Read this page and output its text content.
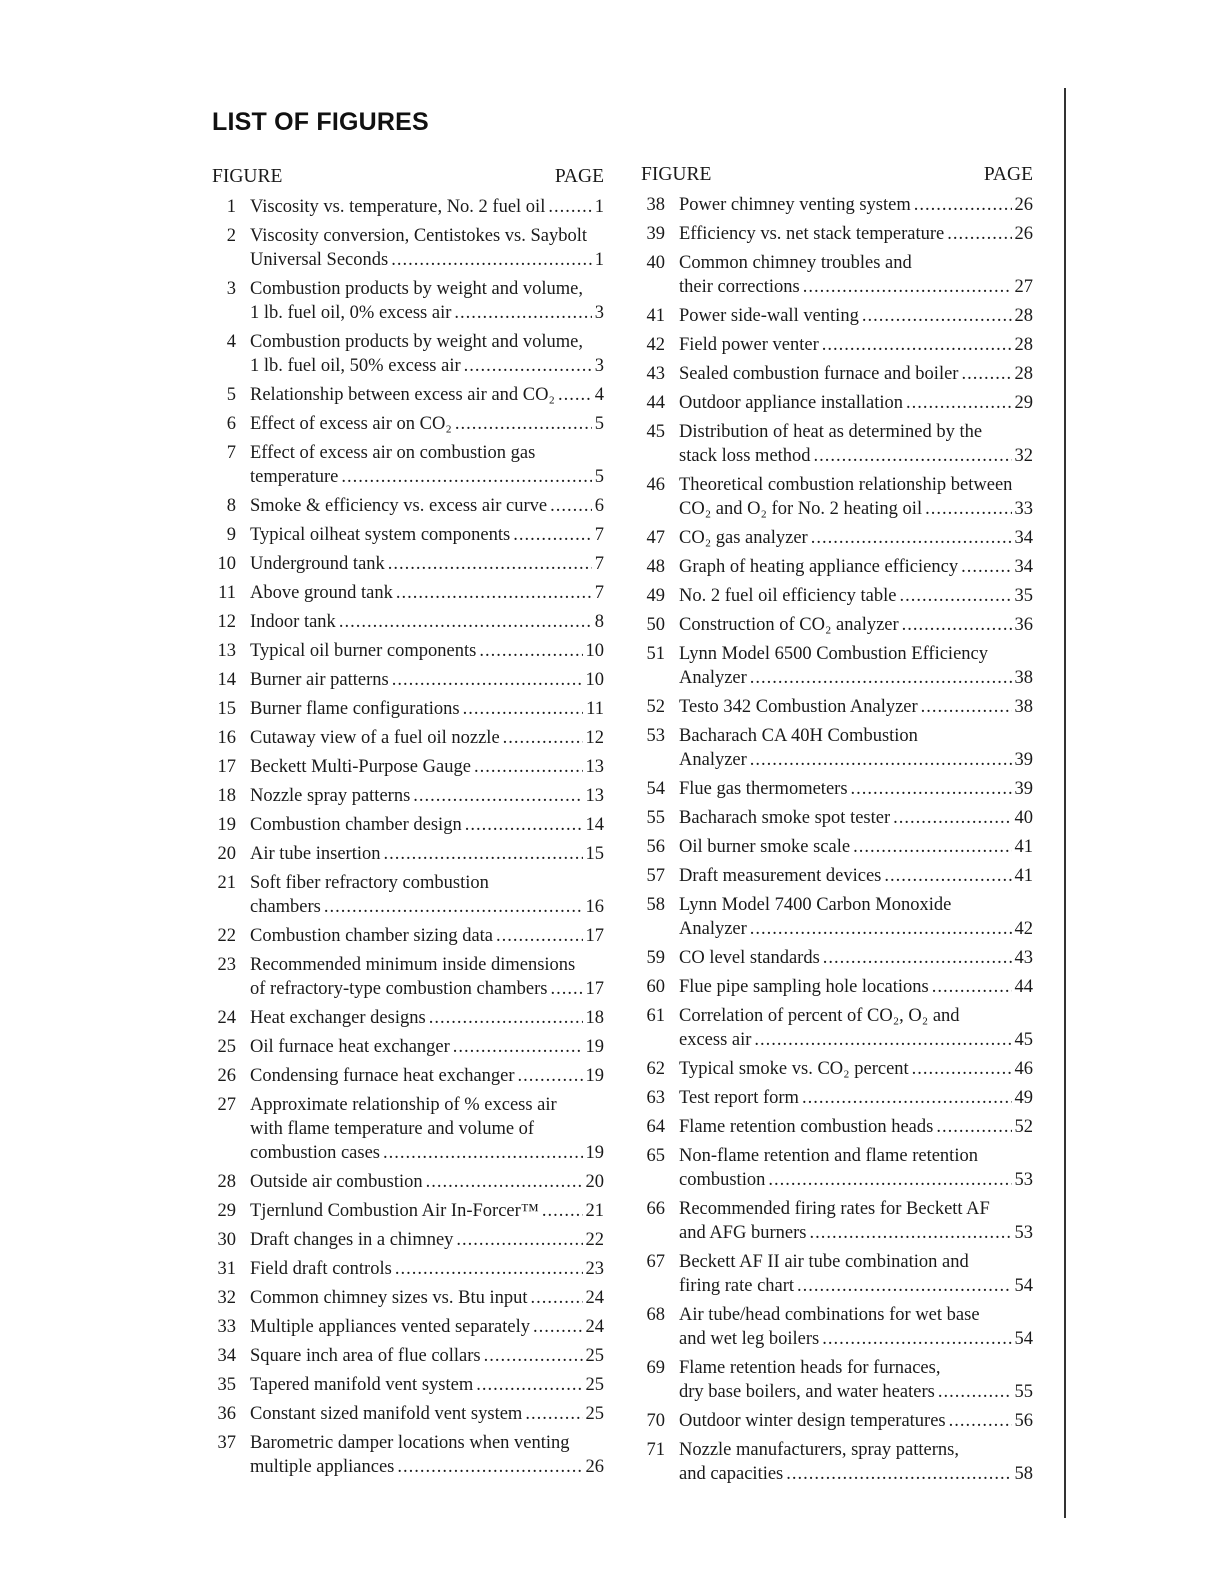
LIST OF FIGURES
FIGURE	PAGE
1 Viscosity vs. temperature, No. 2 fuel oil .....	1
2 Viscosity conversion, Centistokes vs. Saybolt
Universal Seconds .....	1
3 Combustion products by weight and volume,
1 lb. fuel oil, 0% excess air .....	3
4 Combustion products by weight and volume,
1 lb. fuel oil, 50% excess air .....	3
5 Relationship between excess air and CO₂ ..... 4
6 Effect of excess air on CO₂ .....	5
7 Effect of excess air on combustion gas
temperature .....	5
8 Smoke & efficiency vs. excess air curve .....	6
9 Typical oilheat system components .....	7
10 Underground tank .....	7
11 Above ground tank .....	7
12 Indoor tank .....	8
13 Typical oil burner components .....	10
14 Burner air patterns .....	10
15 Burner flame configurations .....	11
16 Cutaway view of a fuel oil nozzle .....	12
17 Beckett Multi-Purpose Gauge .....	13
18 Nozzle spray patterns .....	13
19 Combustion chamber design .....	14
20 Air tube insertion .....	15
21 Soft fiber refractory combustion
chambers .....	16
22 Combustion chamber sizing data .....	17
23 Recommended minimum inside dimensions
of refractory-type combustion chambers ..... 17
24 Heat exchanger designs .....	18
25 Oil furnace heat exchanger .....	19
26 Condensing furnace heat exchanger .....	19
27 Approximate relationship of % excess air
with flame temperature and volume of
combustion cases .....	19
28 Outside air combustion .....	20
29 Tjernlund Combustion Air In-Forcer™ .....	21
30 Draft changes in a chimney .....	22
31 Field draft controls .....	23
32 Common chimney sizes vs. Btu input .....	24
33 Multiple appliances vented separately .....	24
34 Square inch area of flue collars .....	25
35 Tapered manifold vent system .....	25
36 Constant sized manifold vent system .....	25
37 Barometric damper locations when venting
multiple appliances .....	26
FIGURE	PAGE
38 Power chimney venting system .....	26
39 Efficiency vs. net stack temperature .....	26
40 Common chimney troubles and
their corrections .....	27
41 Power side-wall venting .....	28
42 Field power venter .....	28
43 Sealed combustion furnace and boiler .....	28
44 Outdoor appliance installation .....	29
45 Distribution of heat as determined by the
stack loss method .....	32
46 Theoretical combustion relationship between
CO₂ and O₂ for No. 2 heating oil .....	33
47 CO₂ gas analyzer .....	34
48 Graph of heating appliance efficiency .....	34
49 No. 2 fuel oil efficiency table .....	35
50 Construction of CO₂ analyzer .....	36
51 Lynn Model 6500 Combustion Efficiency
Analyzer .....	38
52 Testo 342 Combustion Analyzer .....	38
53 Bacharach CA 40H Combustion
Analyzer .....	39
54 Flue gas thermometers .....	39
55 Bacharach smoke spot tester .....	40
56 Oil burner smoke scale .....	41
57 Draft measurement devices .....	41
58 Lynn Model 7400 Carbon Monoxide
Analyzer .....	42
59 CO level standards .....	43
60 Flue pipe sampling hole locations .....	44
61 Correlation of percent of CO₂, O₂ and
excess air .....	45
62 Typical smoke vs. CO₂ percent .....	46
63 Test report form .....	49
64 Flame retention combustion heads .....	52
65 Non-flame retention and flame retention
combustion .....	53
66 Recommended firing rates for Beckett AF
and AFG burners .....	53
67 Beckett AF II air tube combination and
firing rate chart .....	54
68 Air tube/head combinations for wet base
and wet leg boilers .....	54
69 Flame retention heads for furnaces,
dry base boilers, and water heaters .....	55
70 Outdoor winter design temperatures .....	56
71 Nozzle manufacturers, spray patterns,
and capacities .....	58
